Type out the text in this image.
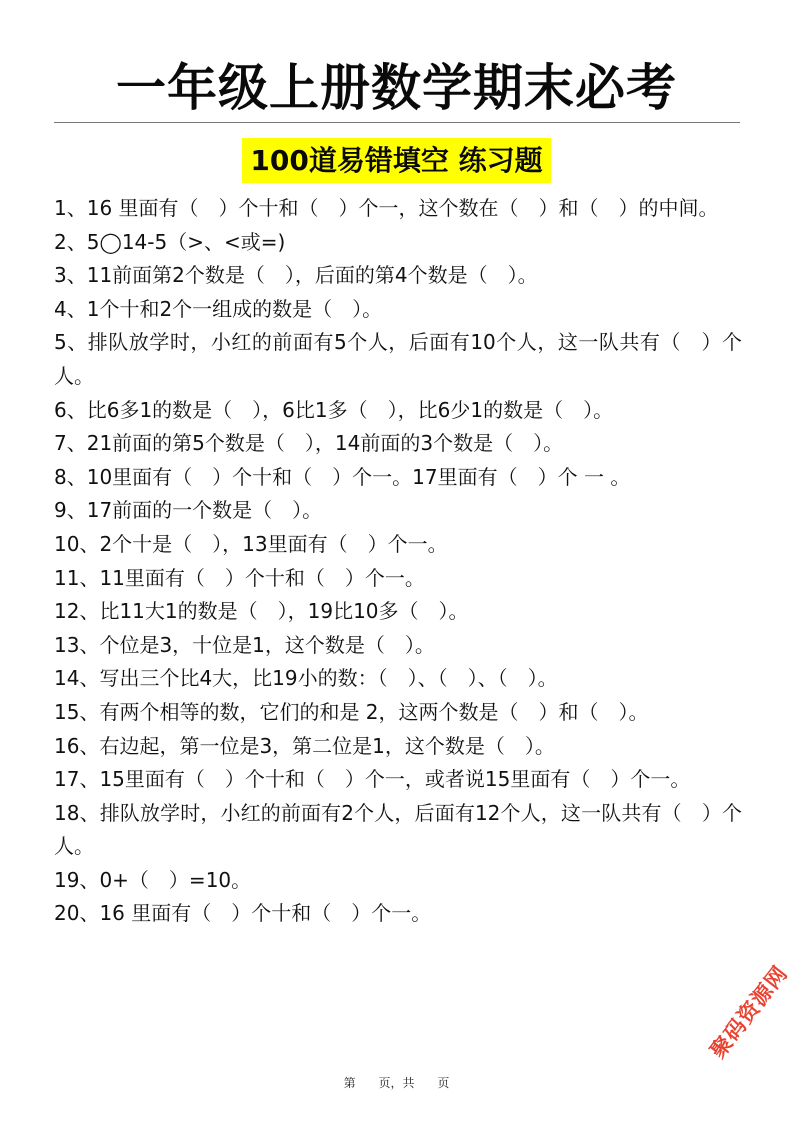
一年级上册数学期末必考
100道易错填空 练习题
1、16 里面有（　）个十和（　）个一，这个数在（　）和（　）的中间。
2、5◯14-5（>、<或=)
3、11前面第2个数是（　），后面的第4个数是（　）。
4、1个十和2个一组成的数是（　）。
5、排队放学时，小红的前面有5个人，后面有10个人，这一队共有（　）个人。
6、比6多1的数是（　），6比1多（　），比6少1的数是（　）。
7、21前面的第5个数是（　），14前面的3个数是（　）。
8、10里面有（　）个十和（　）个一。17里面有（　）个 一 。
9、17前面的一个数是（　）。
10、2个十是（　），13里面有（　）个一。
11、11里面有（　）个十和（　）个一。
12、比11大1的数是（　），19比10多（　）。
13、个位是3，十位是1，这个数是（　）。
14、写出三个比4大，比19小的数：（　）、（　）、（　）。
15、有两个相等的数，它们的和是 2，这两个数是（　）和（　）。
16、右边起，第一位是3，第二位是1，这个数是（　）。
17、15里面有（　）个十和（　）个一，或者说15里面有（　）个一。
18、排队放学时，小红的前面有2个人，后面有12个人，这一队共有（　）个人。
19、0+（　）=10。
20、16 里面有（　）个十和（　）个一。
第      页，共      页
聚码资源网
